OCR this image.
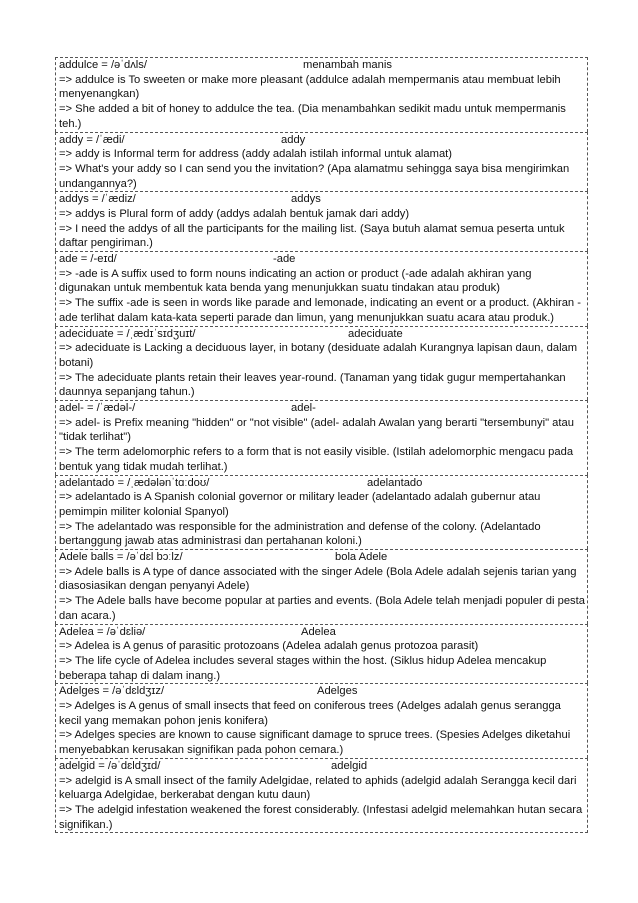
addulce = /əˈdʌls/	menambah manis
=> addulce is To sweeten or make more pleasant (addulce adalah mempermanis atau membuat lebih menyenangkan)
=> She added a bit of honey to addulce the tea. (Dia menambahkan sedikit madu untuk mempermanis teh.)
addy = /ˈædi/	addy
=> addy is Informal term for address (addy adalah istilah informal untuk alamat)
=> What's your addy so I can send you the invitation? (Apa alamatmu sehingga saya bisa mengirimkan undangannya?)
addys = /ˈædiz/	addys
=> addys is Plural form of addy (addys adalah bentuk jamak dari addy)
=> I need the addys of all the participants for the mailing list. (Saya butuh alamat semua peserta untuk daftar pengiriman.)
ade = /-eɪd/	-ade
=> -ade is A suffix used to form nouns indicating an action or product (-ade adalah akhiran yang digunakan untuk membentuk kata benda yang menunjukkan suatu tindakan atau produk)
=> The suffix -ade is seen in words like parade and lemonade, indicating an event or a product. (Akhiran -ade terlihat dalam kata-kata seperti parade dan limun, yang menunjukkan suatu acara atau produk.)
adeciduate = /ˌædɪˈsɪdʒuɪt/	adeciduate
=> adeciduate is Lacking a deciduous layer, in botany (desiduate adalah Kurangnya lapisan daun, dalam botani)
=> The adeciduate plants retain their leaves year-round. (Tanaman yang tidak gugur mempertahankan daunnya sepanjang tahun.)
adel- = /ˈædəl-/	adel-
=> adel- is Prefix meaning "hidden" or "not visible" (adel- adalah Awalan yang berarti "tersembunyi" atau "tidak terlihat")
=> The term adelomorphic refers to a form that is not easily visible. (Istilah adelomorphic mengacu pada bentuk yang tidak mudah terlihat.)
adelantado = /ˌædələnˈtɑːdoʊ/	adelantado
=> adelantado is A Spanish colonial governor or military leader (adelantado adalah gubernur atau pemimpin militer kolonial Spanyol)
=> The adelantado was responsible for the administration and defense of the colony. (Adelantado bertanggung jawab atas administrasi dan pertahanan koloni.)
Adele balls = /əˈdɛl bɔːlz/	bola Adele
=> Adele balls is A type of dance associated with the singer Adele (Bola Adele adalah sejenis tarian yang diasosiasikan dengan penyanyi Adele)
=> The Adele balls have become popular at parties and events. (Bola Adele telah menjadi populer di pesta dan acara.)
Adelea = /əˈdɛliə/	Adelea
=> Adelea is A genus of parasitic protozoans (Adelea adalah genus protozoa parasit)
=> The life cycle of Adelea includes several stages within the host. (Siklus hidup Adelea mencakup beberapa tahap di dalam inang.)
Adelges = /əˈdɛldʒɪz/	Adelges
=> Adelges is A genus of small insects that feed on coniferous trees (Adelges adalah genus serangga kecil yang memakan pohon jenis konifera)
=> Adelges species are known to cause significant damage to spruce trees. (Spesies Adelges diketahui menyebabkan kerusakan signifikan pada pohon cemara.)
adelgid = /əˈdɛldʒɪd/	adelgid
=> adelgid is A small insect of the family Adelgidae, related to aphids (adelgid adalah Serangga kecil dari keluarga Adelgidae, berkerabat dengan kutu daun)
=> The adelgid infestation weakened the forest considerably. (Infestasi adelgid melemahkan hutan secara signifikan.)
